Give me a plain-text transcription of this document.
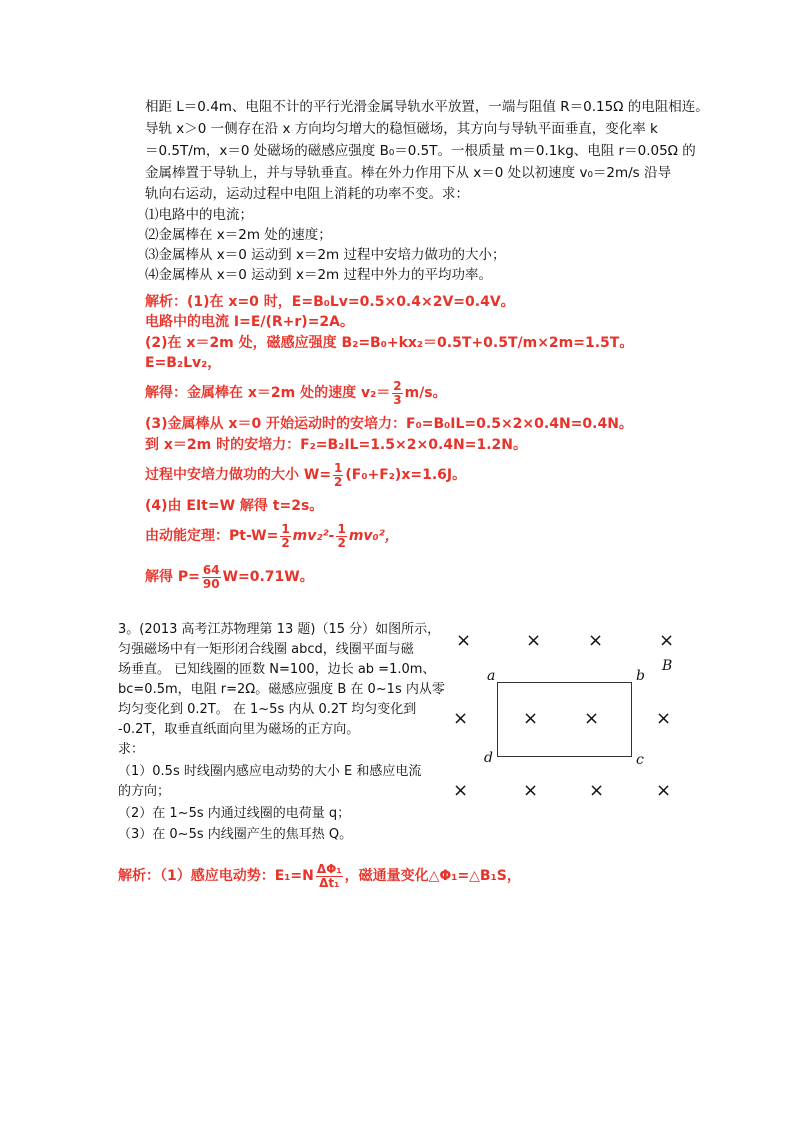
相距 L＝0.4m、电阻不计的平行光滑金属导轨水平放置，一端与阻值 R＝0.15Ω 的电阻相连。
导轨 x＞0 一侧存在沿 x 方向均匀增大的稳恒磁场，其方向与导轨平面垂直，变化率 k
＝0.5T/m，x＝0 处磁场的磁感应强度 B₀＝0.5T。一根质量 m＝0.1kg、电阻 r＝0.05Ω 的
金属棒置于导轨上，并与导轨垂直。棒在外力作用下从 x＝0 处以初速度 v₀＝2m/s 沿导
轨向右运动，运动过程中电阻上消耗的功率不变。求：
⑴电路中的电流；
⑵金属棒在 x＝2m 处的速度；
⑶金属棒从 x＝0 运动到 x＝2m 过程中安培力做功的大小；
⑷金属棒从 x＝0 运动到 x＝2m 过程中外力的平均功率。
解析：(1)在 x=0 时，E=B₀Lv=0.5×0.4×2V=0.4V。
电路中的电流 I=E/(R+r)=2A。
(2)在 x＝2m 处，磁感应强度 B₂=B₀+kx₂＝0.5T+0.5T/m×2m=1.5T。
E=B₂Lv₂，
解得：金属棒在 x＝2m 处的速度 $v_2= \frac{2}{3} m/s$。
(3)金属棒从 x＝0 开始运动时的安培力：F₀=B₀IL=0.5×2×0.4N=0.4N。
到 x＝2m 时的安培力：F₂=B₂IL=1.5×2×0.4N=1.2N。
过程中安培力做功的大小 $W= \frac{1}{2} (F_0+F_2)x=1.6J$。
(4)由 EIt=W 解得 t=2s。
由动能定理：$Pt-W= \frac{1}{2} mv_2^2- \frac{1}{2} mv_0^2$，
解得 $P= \frac{64}{90} W=0.71W$。
3。(2013 高考江苏物理第 13 题)（15 分）如图所示，
匀强磁场中有一矩形闭合线圈 abcd，线圈平面与磁
场垂直。 已知线圈的匝数 N=100，边长 ab =1.0m、
bc=0.5m，电阻 r=2Ω。磁感应强度 B 在 0~1s 内从零
均匀变化到 0.2T。 在 1~5s 内从 0.2T 均匀变化到
-0.2T，取垂直纸面向里为磁场的正方向。
求：
（1）0.5s 时线圈内感应电动势的大小 E 和感应电流
的方向；
（2）在 1~5s 内通过线圈的电荷量 q；
（3）在 0~5s 内线圈产生的焦耳热 Q。
×	×	×	×
×	×	×	×
×	×	×	×
a	b
c
d
B
解析：（1）感应电动势：$E_1=N \frac{\text{ΔΦ₁}}{\text{Δt₁}}$ ，磁通量变化△Φ₁=△B₁S，
